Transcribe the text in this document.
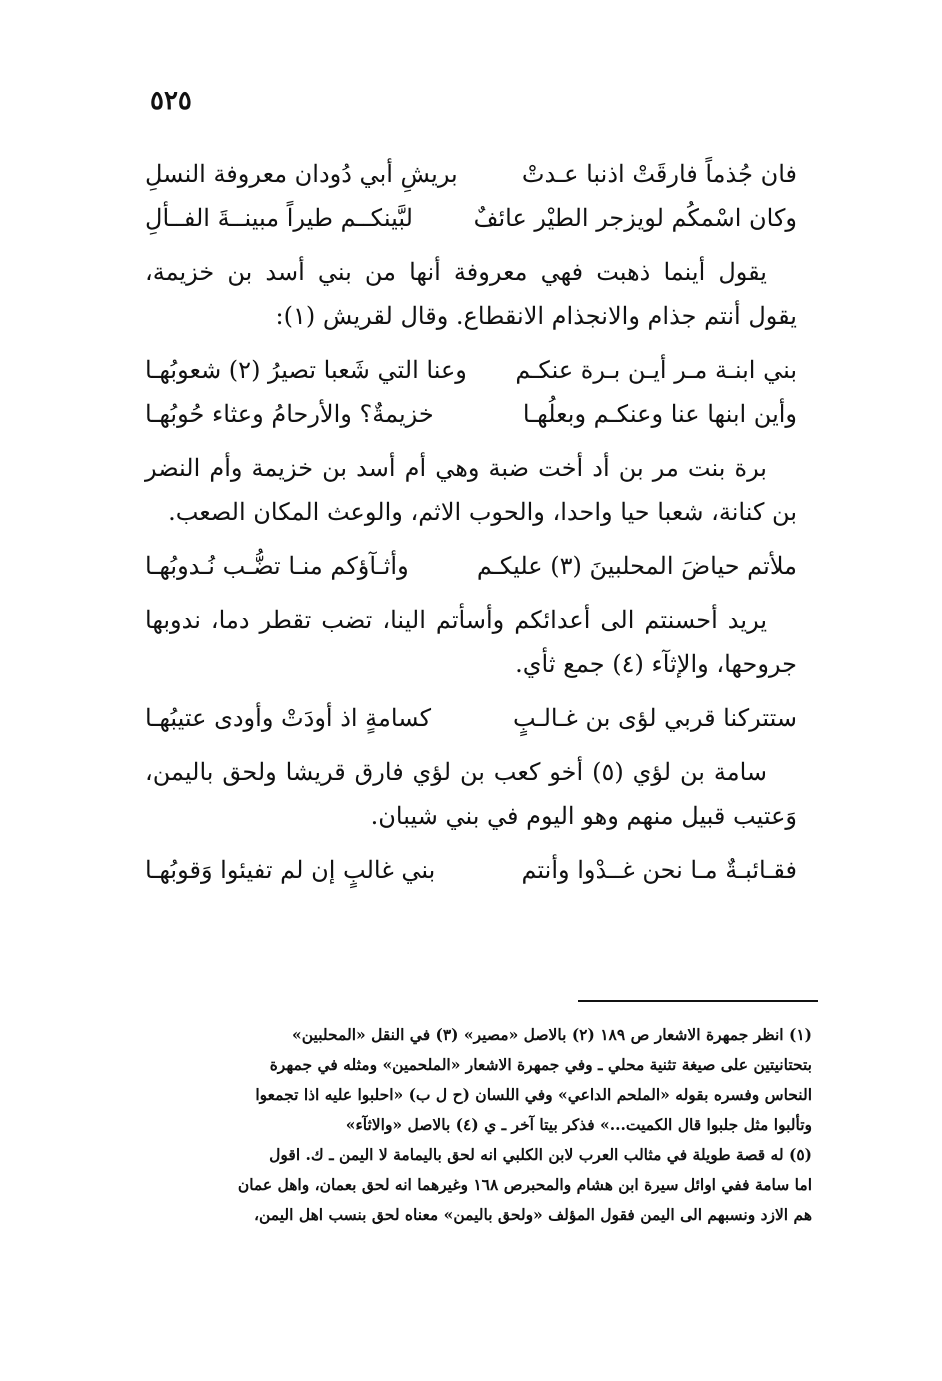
٥٢٥
فان جُذماً فارقَتْ اذنبا عـدتْ
بريشِ أبي دُودان معروفة النسلِ
وكان اسْمكُم لويزجر الطيْر عائفٌ
لبَّينكــم طيراً مبينــةَ الفــألِ

يقول أينما ذهبت فهي معروفة أنها من بني أسد بن خزيمة، يقول أنتم جذام والانجذام الانقطاع. وقال لقريش (١):

بني ابنـة مـر أيـن بـرة عنكـم
وعنا التي شَعبا تصيرُ (٢) شعوبُهـا
وأين ابنها عنا وعنكـم وبعلُهـا
خزيمةٌ؟ والأرحامُ وعثاء حُوبُهـا

برة بنت مر بن أد أخت ضبة وهي أم أسد بن خزيمة وأم النضر بن كنانة، شعبا حيا واحدا، والحوب الاثم، والوعث المكان الصعب.

ملأتم حياضَ المحلبينَ (٣) عليكـم
وأثـآؤكم منـا تضُّـب نُـدوبُهـا

يريد أحسنتم الى أعدائكم وأسأتم الينا، تضب تقطر دما، ندوبها جروحها، والإثآء (٤) جمع ثأي.

ستتركنا قربي لؤى بن غـالـبٍ
كسامةٍ اذ أودَتْ وأودى عتيبُهـا

سامة بن لؤي (٥) أخو كعب بن لؤي فارق قريشا ولحق باليمن، وَعتيب قبيل منهم وهو اليوم في بني شيبان.

فقـائبـةٌ مـا نحن غــدْوا وأنتم
بني غالبٍ إن لم تفيئوا وَقوبُهـا
(١) انظر جمهرة الاشعار ص ١٨٩ (٢) بالاصل «مصير» (٣) في النقل «المحلبين»
بتحتانيتين على صيغة تثنية محلي ـ وفي جمهرة الاشعار «الملحمين» ومثله في جمهرة
النحاس وفسره بقوله «الملحم الداعي» وفي اللسان (ح ل ب) «احلبوا عليه اذا تجمعوا
وتألبوا مثل جلبوا قال الكميت...» فذكر بيتا آخر ـ ي (٤) بالاصل «والاثآء»
(٥) له قصة طويلة في مثالب العرب لابن الكلبي انه لحق باليمامة لا اليمن ـ ك. اقول
اما سامة ففي اوائل سيرة ابن هشام والمحبرص ١٦٨ وغيرهما انه لحق بعمان، واهل عمان
هم الازد ونسبهم الى اليمن فقول المؤلف «ولحق باليمن» معناه لحق بنسب اهل اليمن،
